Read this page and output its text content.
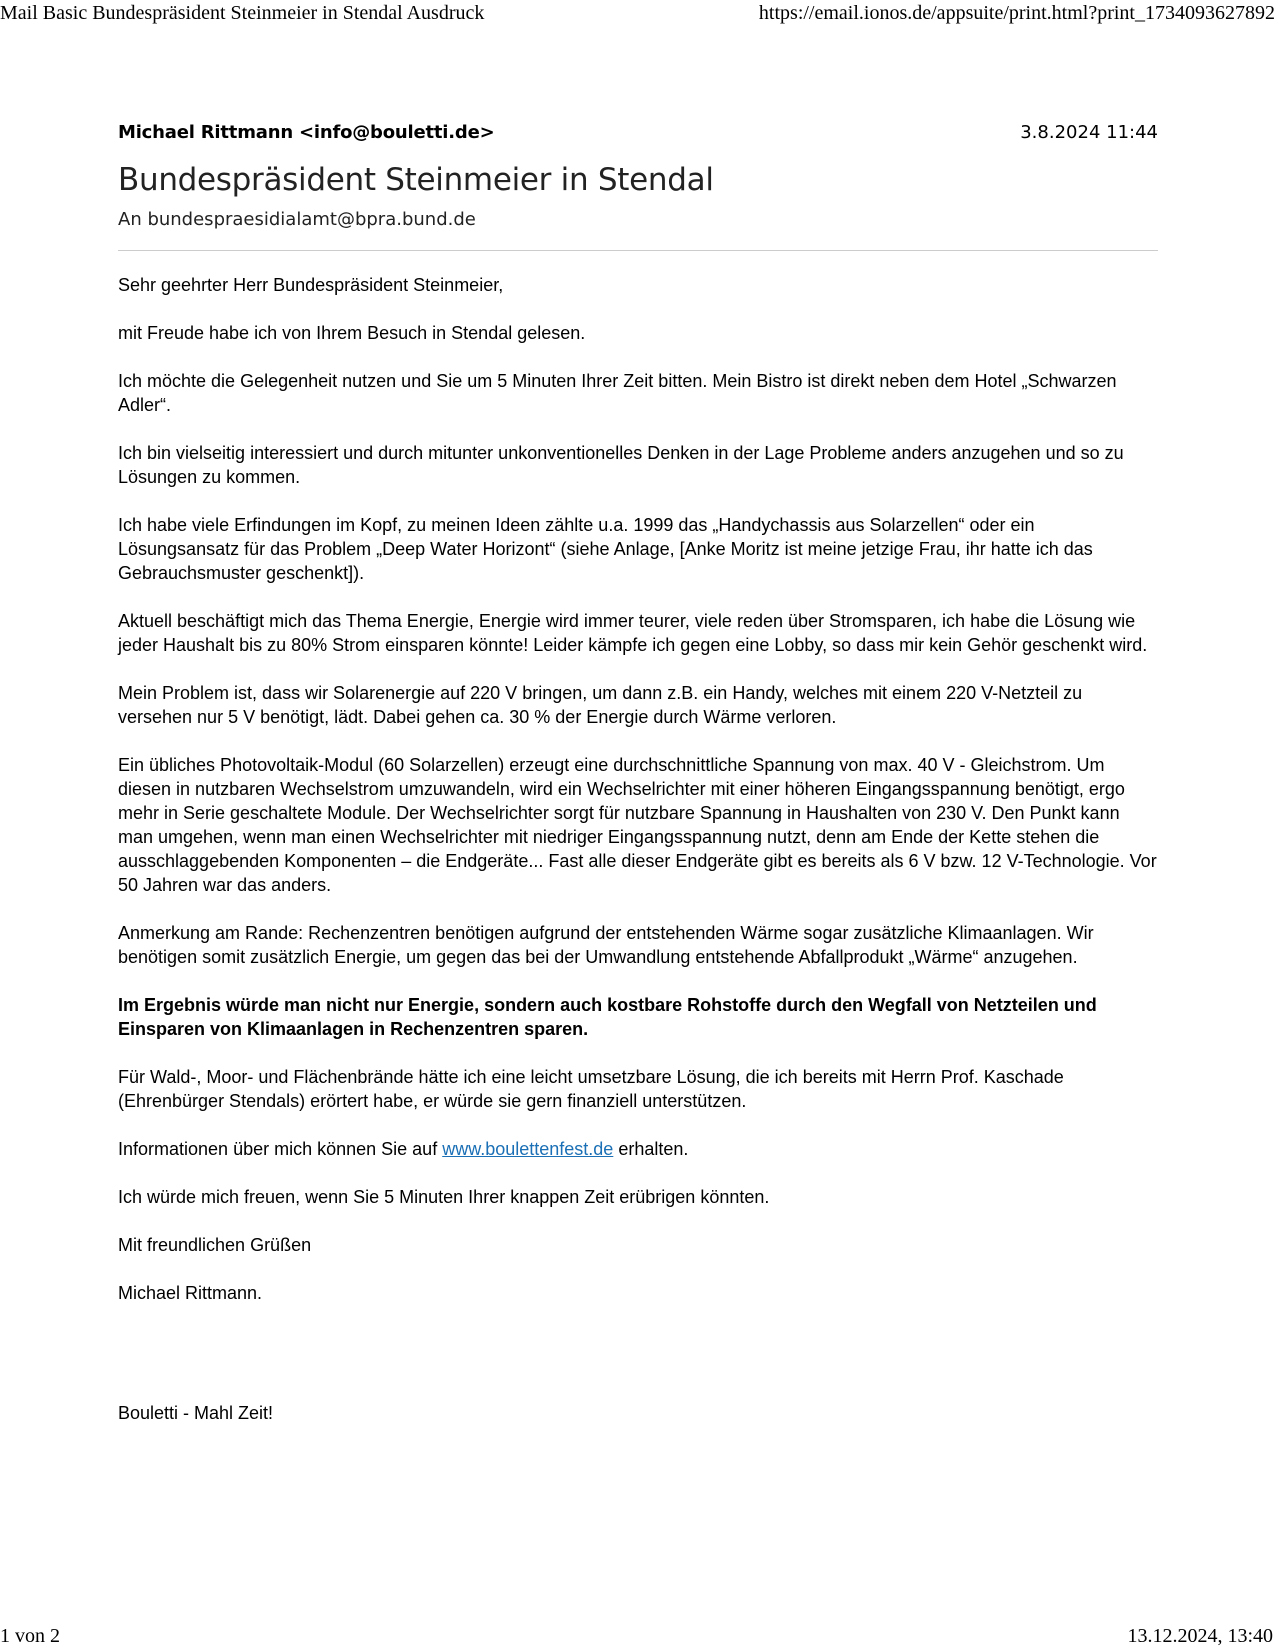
Mail Basic Bundespräsident Steinmeier in Stendal Ausdruck	https://email.ionos.de/appsuite/print.html?print_1734093627892
Michael Rittmann <info@bouletti.de>	3.8.2024 11:44
Bundespräsident Steinmeier in Stendal
An bundespraesidialamt@bpra.bund.de

Sehr geehrter Herr Bundespräsident Steinmeier,

mit Freude habe ich von Ihrem Besuch in Stendal gelesen.

Ich möchte die Gelegenheit nutzen und Sie um 5 Minuten Ihrer Zeit bitten. Mein Bistro ist direkt neben dem Hotel „Schwarzen Adler“.

Ich bin vielseitig interessiert und durch mitunter unkonventionelles Denken in der Lage Probleme anders anzugehen und so zu Lösungen zu kommen.

Ich habe viele Erfindungen im Kopf, zu meinen Ideen zählte u.a. 1999 das „Handychassis aus Solarzellen“ oder ein Lösungsansatz für das Problem „Deep Water Horizont“ (siehe Anlage, [Anke Moritz ist meine jetzige Frau, ihr hatte ich das Gebrauchsmuster geschenkt]).

Aktuell beschäftigt mich das Thema Energie, Energie wird immer teurer, viele reden über Stromsparen, ich habe die Lösung wie jeder Haushalt bis zu 80% Strom einsparen könnte! Leider kämpfe ich gegen eine Lobby, so dass mir kein Gehör geschenkt wird.

Mein Problem ist, dass wir Solarenergie auf 220 V bringen, um dann z.B. ein Handy, welches mit einem 220 V-Netzteil zu versehen nur 5 V benötigt, lädt. Dabei gehen ca. 30 % der Energie durch Wärme verloren.

Ein übliches Photovoltaik-Modul (60 Solarzellen) erzeugt eine durchschnittliche Spannung von max. 40 V - Gleichstrom. Um diesen in nutzbaren Wechselstrom umzuwandeln, wird ein Wechselrichter mit einer höheren Eingangsspannung benötigt, ergo mehr in Serie geschaltete Module. Der Wechselrichter sorgt für nutzbare Spannung in Haushalten von 230 V. Den Punkt kann man umgehen, wenn man einen Wechselrichter mit niedriger Eingangsspannung nutzt, denn am Ende der Kette stehen die ausschlaggebenden Komponenten – die Endgeräte... Fast alle dieser Endgeräte gibt es bereits als 6 V bzw. 12 V-Technologie. Vor 50 Jahren war das anders.

Anmerkung am Rande: Rechenzentren benötigen aufgrund der entstehenden Wärme sogar zusätzliche Klimaanlagen. Wir benötigen somit zusätzlich Energie, um gegen das bei der Umwandlung entstehende Abfallprodukt „Wärme“ anzugehen.

Im Ergebnis würde man nicht nur Energie, sondern auch kostbare Rohstoffe durch den Wegfall von Netzteilen und Einsparen von Klimaanlagen in Rechenzentren sparen.

Für Wald-, Moor- und Flächenbrände hätte ich eine leicht umsetzbare Lösung, die ich bereits mit Herrn Prof. Kaschade (Ehrenbürger Stendals) erörtert habe, er würde sie gern finanziell unterstützen.

Informationen über mich können Sie auf www.boulettenfest.de erhalten.

Ich würde mich freuen, wenn Sie 5 Minuten Ihrer knappen Zeit erübrigen könnten.

Mit freundlichen Grüßen

Michael Rittmann.

Bouletti - Mahl Zeit!

1 von 2	13.12.2024, 13:40
